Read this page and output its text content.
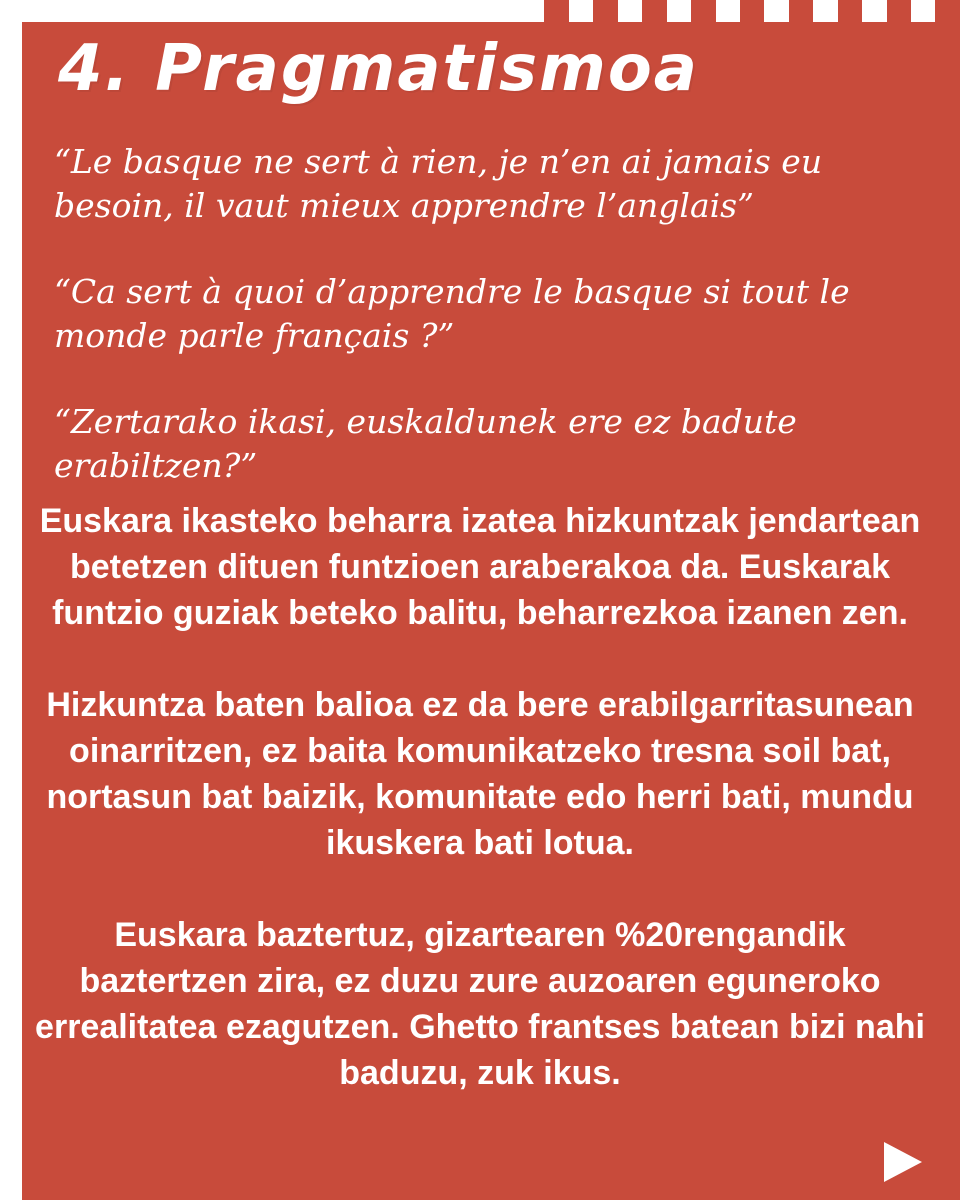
4. Pragmatismoa

“Le basque ne sert à rien, je n’en ai jamais eu besoin, il vaut mieux apprendre l’anglais”

“Ca sert à quoi d’apprendre le basque si tout le monde parle français ?”

“Zertarako ikasi, euskaldunek ere ez badute erabiltzen?”

Euskara ikasteko beharra izatea hizkuntzak jendartean betetzen dituen funtzioen araberakoa da. Euskarak funtzio guziak beteko balitu, beharrezkoa izanen zen.

Hizkuntza baten balioa ez da bere erabilgarritasunean oinarritzen, ez baita komunikatzeko tresna soil bat, nortasun bat baizik, komunitate edo herri bati, mundu ikuskera bati lotua.

Euskara baztertuz, gizartearen %20rengandik baztertzen zira, ez duzu zure auzoaren eguneroko errealitatea ezagutzen. Ghetto frantses batean bizi nahi baduzu, zuk ikus.
